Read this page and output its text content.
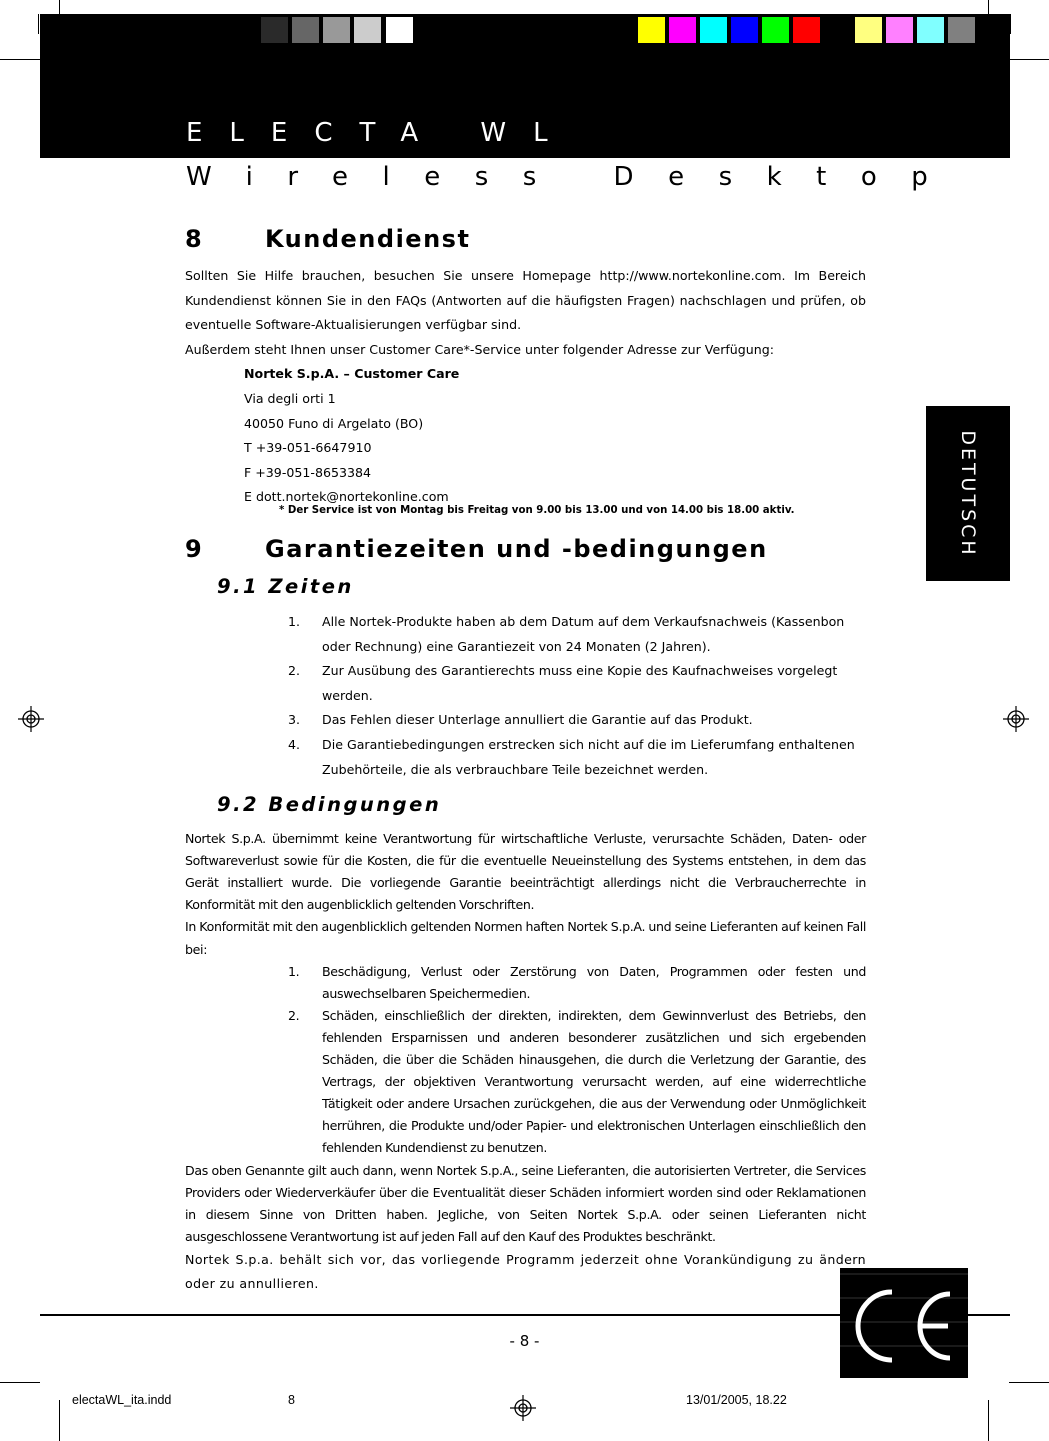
ELECTA WL
Wireless Desktop
DETUTSCH
8	Kundendienst

Sollten Sie Hilfe brauchen, besuchen Sie unsere Homepage http://www.nortekonline.com. Im Bereich Kundendienst können Sie in den FAQs (Antworten auf die häufigsten Fragen) nachschlagen und prüfen, ob eventuelle Software-Aktualisierungen verfügbar sind.

Außerdem steht Ihnen unser Customer Care*-Service unter folgender Adresse zur Verfügung:

Nortek S.p.A. – Customer Care
Via degli orti 1
40050 Funo di Argelato (BO)
T +39-051-6647910
F +39-051-8653384
E dott.nortek@nortekonline.com
* Der Service ist von Montag bis Freitag von 9.00 bis 13.00 und von 14.00 bis 18.00 aktiv.
9	Garantiezeiten und -bedingungen
9.1 Zeiten
1. Alle Nortek-Produkte haben ab dem Datum auf dem Verkaufsnachweis (Kassenbon oder Rechnung) eine Garantiezeit von 24 Monaten (2 Jahren).
2. Zur Ausübung des Garantierechts muss eine Kopie des Kaufnachweises vorgelegt werden.
3. Das Fehlen dieser Unterlage annulliert die Garantie auf das Produkt.
4. Die Garantiebedingungen erstrecken sich nicht auf die im Lieferumfang enthaltenen Zubehörteile, die als verbrauchbare Teile bezeichnet werden.
9.2 Bedingungen

Nortek S.p.A. übernimmt keine Verantwortung für wirtschaftliche Verluste, verursachte Schäden, Daten- oder Softwareverlust sowie für die Kosten, die für die eventuelle Neueinstellung des Systems entstehen, in dem das Gerät installiert wurde. Die vorliegende Garantie beeinträchtigt allerdings nicht die Verbraucherrechte in Konformität mit den augenblicklich geltenden Vorschriften.

In Konformität mit den augenblicklich geltenden Normen haften Nortek S.p.A. und seine Lieferanten auf keinen Fall bei:

1. Beschädigung, Verlust oder Zerstörung von Daten, Programmen oder festen und auswechselbaren Speichermedien.
2. Schäden, einschließlich der direkten, indirekten, dem Gewinnverlust des Betriebs, den fehlenden Ersparnissen und anderen besonderer zusätzlichen und sich ergebenden Schäden, die über die Schäden hinausgehen, die durch die Verletzung der Garantie, des Vertrags, der objektiven Verantwortung verursacht werden, auf eine widerrechtliche Tätigkeit oder andere Ursachen zurückgehen, die aus der Verwendung oder Unmöglichkeit herrühren, die Produkte und/oder Papier- und elektronischen Unterlagen einschließlich den fehlenden Kundendienst zu benutzen.

Das oben Genannte gilt auch dann, wenn Nortek S.p.A., seine Lieferanten, die autorisierten Vertreter, die Services Providers oder Wiederverkäufer über die Eventualität dieser Schäden informiert worden sind oder Reklamationen in diesem Sinne von Dritten haben. Jegliche, von Seiten Nortek S.p.A. oder seinen Lieferanten nicht ausgeschlossene Verantwortung ist auf jeden Fall auf den Kauf des Produktes beschränkt.

Nortek S.p.a. behält sich vor, das vorliegende Programm jederzeit ohne Vorankündigung zu ändern oder zu annullieren.

- 8 -
electaWL_ita.indd	8	13/01/2005, 18.22
